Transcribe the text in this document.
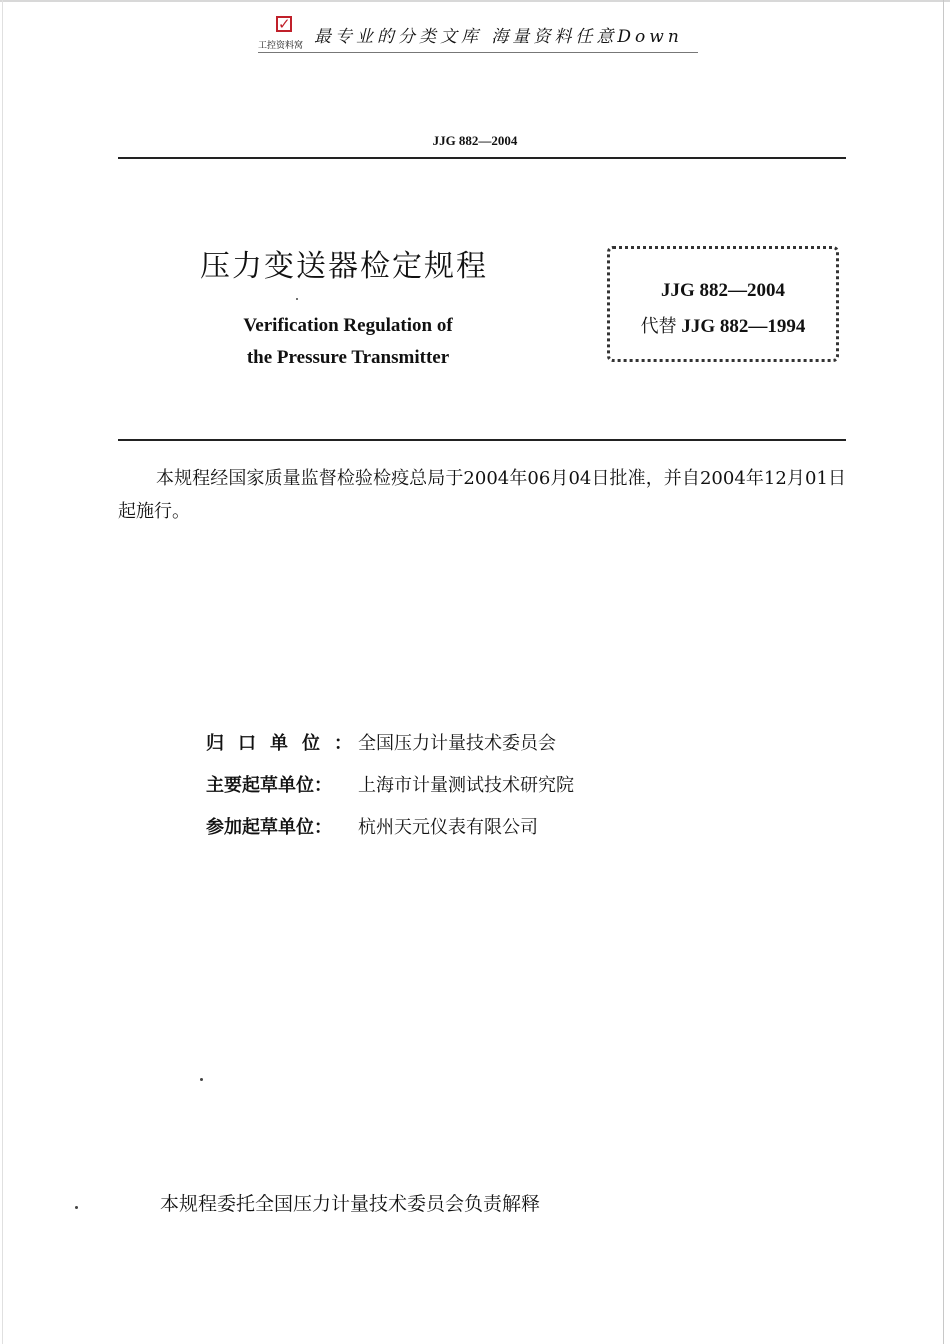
✓
工控资料窝 最专业的分类文库 海量资料任意Down
JJG 882—2004
压力变送器检定规程
Verification Regulation of
the Pressure Transmitter
JJG 882—2004
代替 JJG 882—1994
本规程经国家质量监督检验检疫总局于2004年06月04日批准，并自2004年12月01日起施行。
归口单位：全国压力计量技术委员会
主要起草单位： 上海市计量测试技术研究院
参加起草单位： 杭州天元仪表有限公司
本规程委托全国压力计量技术委员会负责解释
